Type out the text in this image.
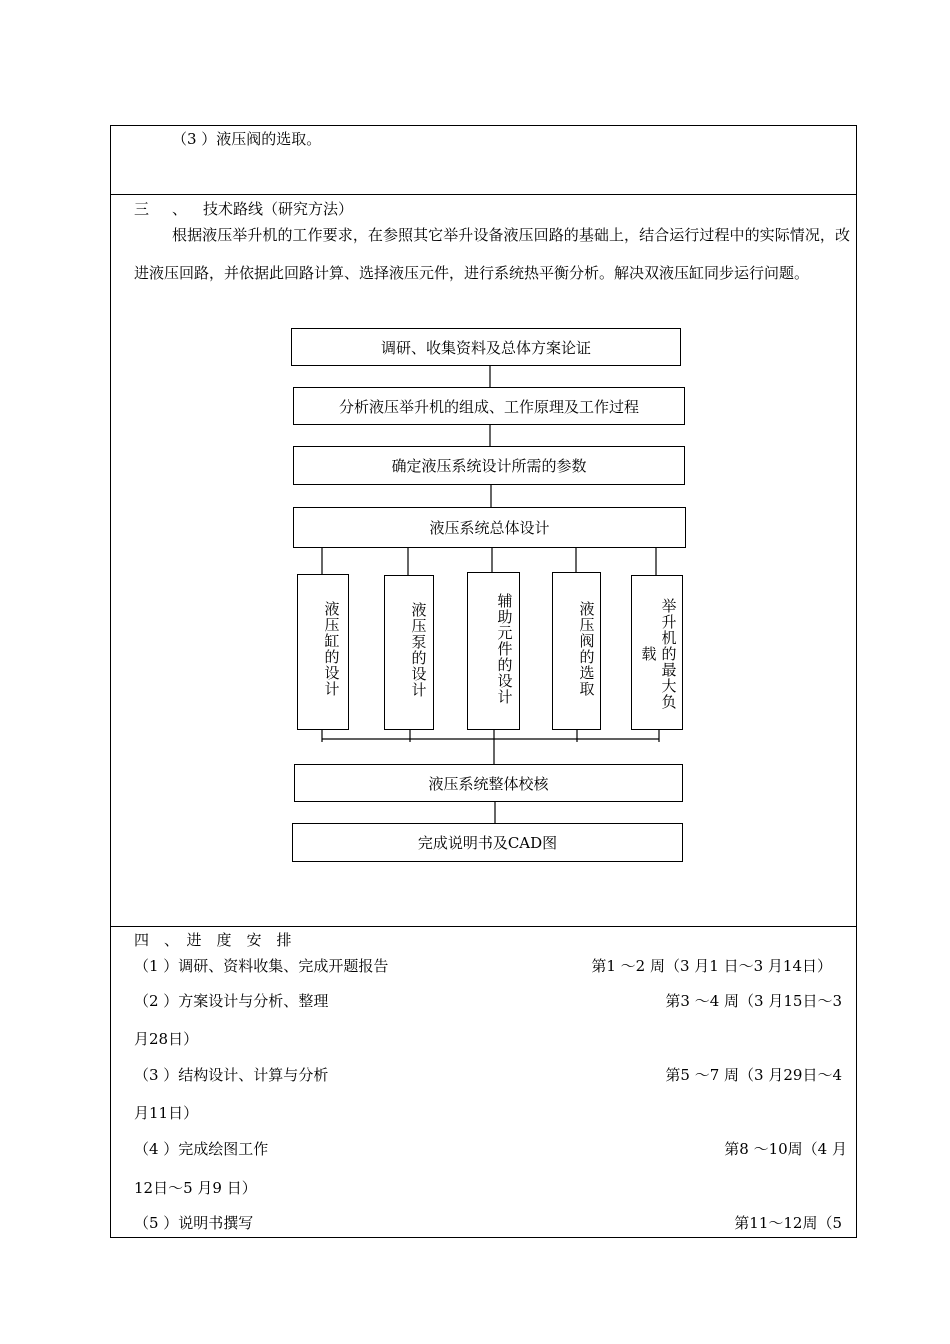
（3 ）液压阀的选取。
三 、 技术路线（研究方法）
根据液压举升机的工作要求，在参照其它举升设备液压回路的基础上，结合运行过程中的实际情况，改进液压回路，并依据此回路计算、选择液压元件，进行系统热平衡分析。解决双液压缸同步运行问题。
调研、收集资料及总体方案论证
分析液压举升机的组成、工作原理及工作过程
确定液压系统设计所需的参数
液压系统总体设计
液压缸的设计
液压泵的设计
辅助元件的设计
液压阀的选取
举升机的最大负
载
液压系统整体校核
完成说明书及CAD图
四　、　进　度　安　排
（1 ）调研、资料收集、完成开题报告	第1 ～2 周（3 月1 日～3 月14日）
（2 ）方案设计与分析、整理	第3 ～4 周（3 月15日～3
月28日）
（3 ）结构设计、计算与分析	第5 ～7 周（3 月29日～4
月11日）
（4 ）完成绘图工作	第8 ～10周（4 月
12日～5 月9 日）
（5 ）说明书撰写	第11～12周（5
